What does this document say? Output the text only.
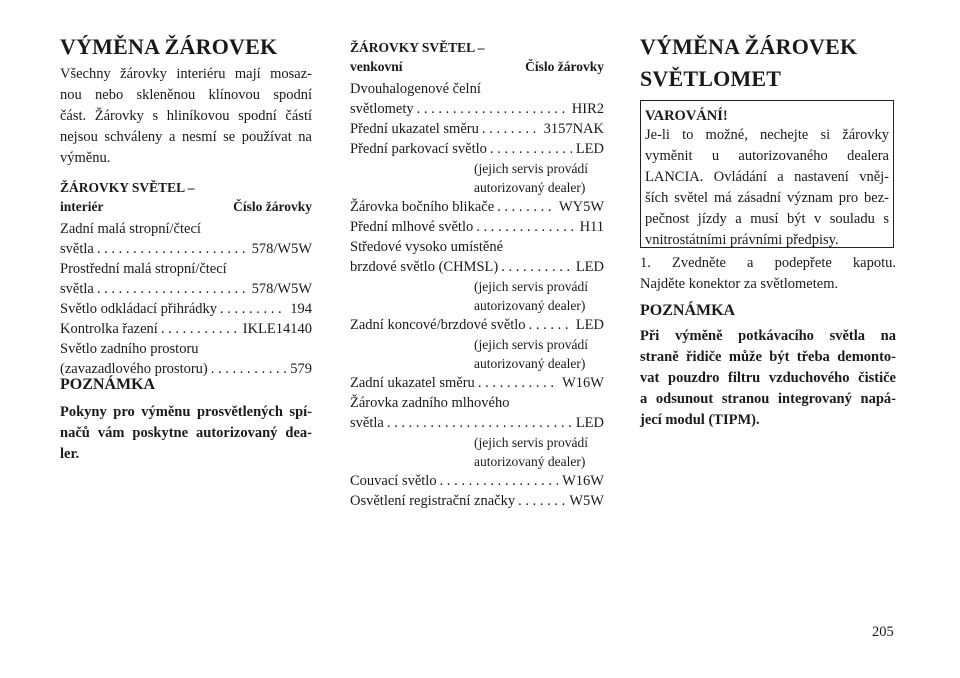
VÝMĚNA ŽÁROVEK
Všechny žárovky interiéru mají mosaz-
nou nebo skleněnou klínovou spodní
část. Žárovky s hliníkovou spodní částí
nejsou schváleny a nesmí se používat na
výměnu.
ŽÁROVKY SVĚTEL –
interiér	Číslo žárovky
Zadní malá stropní/čtecí
světla . . .	578/W5W
Prostřední malá stropní/čtecí
světla . . .	578/W5W
Světlo odkládací přihrádky . . .	194
Kontrolka řazení . . .	IKLE14140
Světlo zadního prostoru
(zavazadlového prostoru) . . .	579
POZNÁMKA
Pokyny pro výměnu prosvětlených spí-
načů vám poskytne autorizovaný dea-
ler.
ŽÁROVKY SVĚTEL –
venkovní	Číslo žárovky
Dvouhalogenové čelní
světlomety . . .	HIR2
Přední ukazatel směru . . .	3157NAK
Přední parkovací světlo . . .	LED
(jejich servis provádí
autorizovaný dealer)
Žárovka bočního blikače . . .	WY5W
Přední mlhové světlo . . .	H11
Středové vysoko umístěné
brzdové světlo (CHMSL) . . .	LED
(jejich servis provádí
autorizovaný dealer)
Zadní koncové/brzdové světlo . . .	LED
(jejich servis provádí
autorizovaný dealer)
Zadní ukazatel směru . . .	W16W
Žárovka zadního mlhového
světla . . .	LED
(jejich servis provádí
autorizovaný dealer)
Couvací světlo . . .	W16W
Osvětlení registrační značky . . .	W5W
VÝMĚNA ŽÁROVEK
SVĚTLOMET
VAROVÁNÍ!
Je-li to možné, nechejte si žárovky
vyměnit u autorizovaného dealera
LANCIA. Ovládání a nastavení vněj-
ších světel má zásadní význam pro bez-
pečnost jízdy a musí být v souladu s
vnitrostátními právními předpisy.
1. Zvedněte a podepřete kapotu.
Najděte konektor za světlometem.
POZNÁMKA
Při výměně potkávacího světla na
straně řidiče může být třeba demonto-
vat pouzdro filtru vzduchového čističe
a odsunout stranou integrovaný napá-
jecí modul (TIPM).
205
